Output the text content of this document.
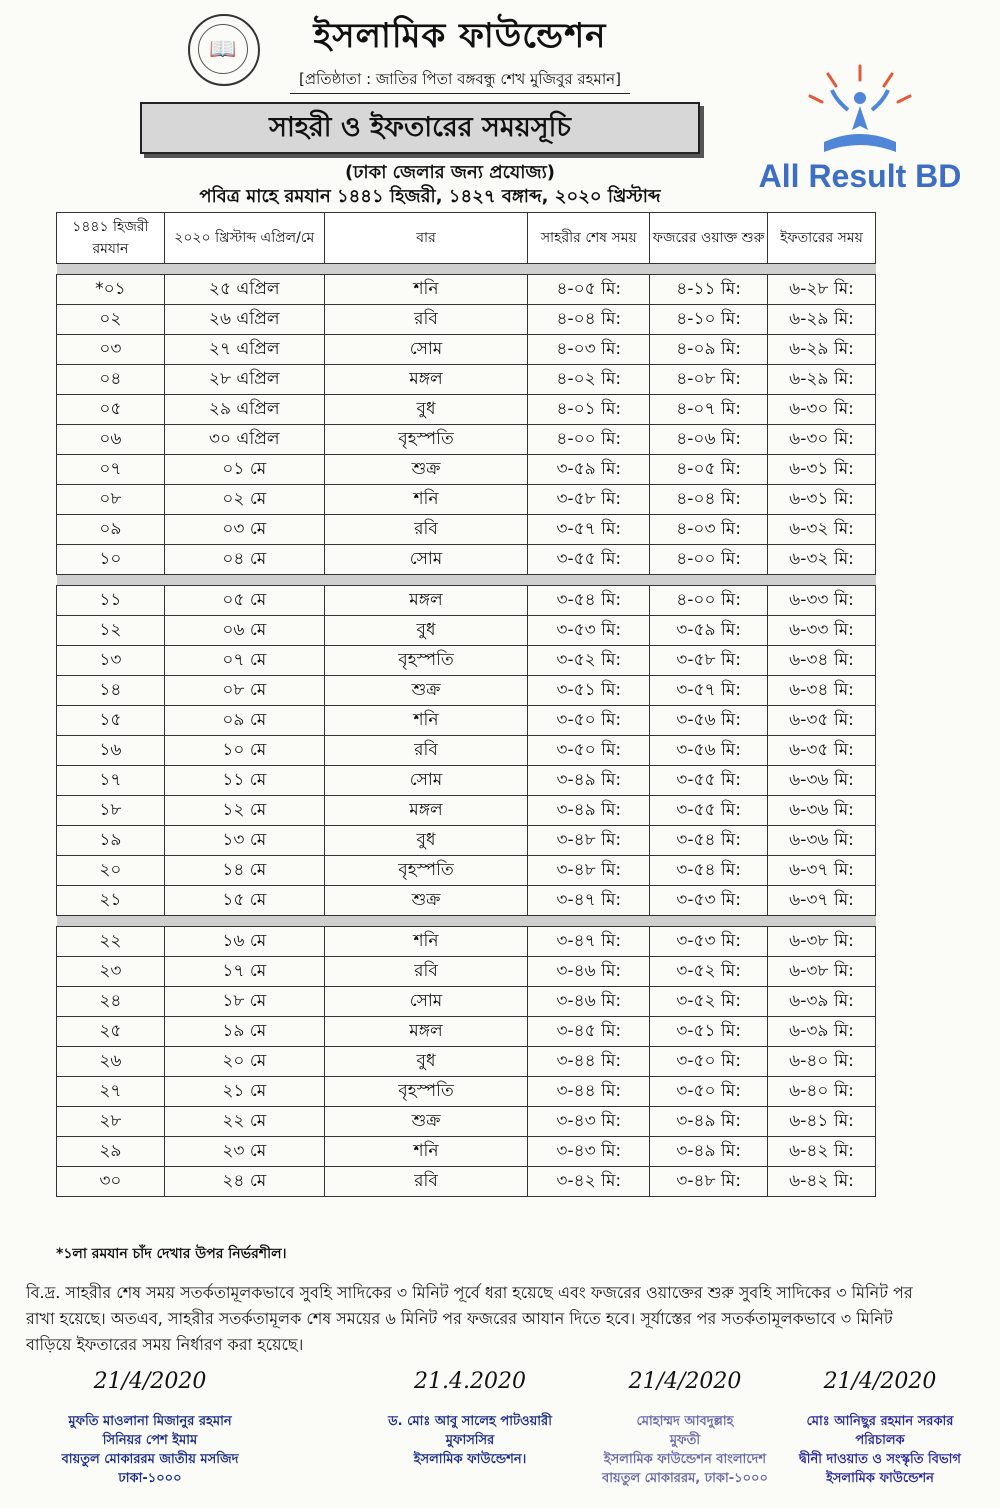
📖	ইসলামিক ফাউন্ডেশন
[প্রতিষ্ঠাতা : জাতির পিতা বঙ্গবন্ধু শেখ মুজিবুর রহমান]
সাহরী ও ইফতারের সময়সূচি
(ঢাকা জেলার জন্য প্রযোজ্য)
পবিত্র মাহে রমযান ১৪৪১ হিজরী, ১৪২৭ বঙ্গাব্দ, ২০২০ খ্রিস্টাব্দ
All Result BD
১৪৪১ হিজরী রমযান	২০২০ খ্রিস্টাব্দ এপ্রিল/মে	বার	সাহরীর শেষ সময়	ফজরের ওয়াক্ত শুরু	ইফতারের সময়

*০১	২৫ এপ্রিল	শনি	৪-০৫ মি:	৪-১১ মি:	৬-২৮ মি:
০২	২৬ এপ্রিল	রবি	৪-০৪ মি:	৪-১০ মি:	৬-২৯ মি:
০৩	২৭ এপ্রিল	সোম	৪-০৩ মি:	৪-০৯ মি:	৬-২৯ মি:
০৪	২৮ এপ্রিল	মঙ্গল	৪-০২ মি:	৪-০৮ মি:	৬-২৯ মি:
০৫	২৯ এপ্রিল	বুধ	৪-০১ মি:	৪-০৭ মি:	৬-৩০ মি:
০৬	৩০ এপ্রিল	বৃহস্পতি	৪-০০ মি:	৪-০৬ মি:	৬-৩০ মি:
০৭	০১ মে	শুক্র	৩-৫৯ মি:	৪-০৫ মি:	৬-৩১ মি:
০৮	০২ মে	শনি	৩-৫৮ মি:	৪-০৪ মি:	৬-৩১ মি:
০৯	০৩ মে	রবি	৩-৫৭ মি:	৪-০৩ মি:	৬-৩২ মি:
১০	০৪ মে	সোম	৩-৫৫ মি:	৪-০০ মি:	৬-৩২ মি:

১১	০৫ মে	মঙ্গল	৩-৫৪ মি:	৪-০০ মি:	৬-৩৩ মি:
১২	০৬ মে	বুধ	৩-৫৩ মি:	৩-৫৯ মি:	৬-৩৩ মি:
১৩	০৭ মে	বৃহস্পতি	৩-৫২ মি:	৩-৫৮ মি:	৬-৩৪ মি:
১৪	০৮ মে	শুক্র	৩-৫১ মি:	৩-৫৭ মি:	৬-৩৪ মি:
১৫	০৯ মে	শনি	৩-৫০ মি:	৩-৫৬ মি:	৬-৩৫ মি:
১৬	১০ মে	রবি	৩-৫০ মি:	৩-৫৬ মি:	৬-৩৫ মি:
১৭	১১ মে	সোম	৩-৪৯ মি:	৩-৫৫ মি:	৬-৩৬ মি:
১৮	১২ মে	মঙ্গল	৩-৪৯ মি:	৩-৫৫ মি:	৬-৩৬ মি:
১৯	১৩ মে	বুধ	৩-৪৮ মি:	৩-৫৪ মি:	৬-৩৬ মি:
২০	১৪ মে	বৃহস্পতি	৩-৪৮ মি:	৩-৫৪ মি:	৬-৩৭ মি:
২১	১৫ মে	শুক্র	৩-৪৭ মি:	৩-৫৩ মি:	৬-৩৭ মি:

২২	১৬ মে	শনি	৩-৪৭ মি:	৩-৫৩ মি:	৬-৩৮ মি:
২৩	১৭ মে	রবি	৩-৪৬ মি:	৩-৫২ মি:	৬-৩৮ মি:
২৪	১৮ মে	সোম	৩-৪৬ মি:	৩-৫২ মি:	৬-৩৯ মি:
২৫	১৯ মে	মঙ্গল	৩-৪৫ মি:	৩-৫১ মি:	৬-৩৯ মি:
২৬	২০ মে	বুধ	৩-৪৪ মি:	৩-৫০ মি:	৬-৪০ মি:
২৭	২১ মে	বৃহস্পতি	৩-৪৪ মি:	৩-৫০ মি:	৬-৪০ মি:
২৮	২২ মে	শুক্র	৩-৪৩ মি:	৩-৪৯ মি:	৬-৪১ মি:
২৯	২৩ মে	শনি	৩-৪৩ মি:	৩-৪৯ মি:	৬-৪২ মি:
৩০	২৪ মে	রবি	৩-৪২ মি:	৩-৪৮ মি:	৬-৪২ মি:
*১লা রমযান চাঁদ দেখার উপর নির্ভরশীল।
বি.দ্র. সাহরীর শেষ সময় সতর্কতামূলকভাবে সুবহি সাদিকের ৩ মিনিট পূর্বে ধরা হয়েছে এবং ফজরের ওয়াক্তের শুরু সুবহি সাদিকের ৩ মিনিট পর রাখা হয়েছে। অতএব, সাহরীর সতর্কতামূলক শেষ সময়ের ৬ মিনিট পর ফজরের আযান দিতে হবে। সূর্যাস্তের পর সতর্কতামূলকভাবে ৩ মিনিট বাড়িয়ে ইফতারের সময় নির্ধারণ করা হয়েছে।
21/4/2020
মুফতি মাওলানা মিজানুর রহমান
সিনিয়র পেশ ইমাম
বায়তুল মোকাররম জাতীয় মসজিদ
ঢাকা-১০০০
21.4.2020
ড. মোঃ আবু সালেহ পাটওয়ারী
মুফাসসির
ইসলামিক ফাউন্ডেশন।
21/4/2020
মোহাম্মদ আবদুল্লাহ
মুফতী
ইসলামিক ফাউন্ডেশন বাংলাদেশ
বায়তুল মোকাররম, ঢাকা-১০০০
21/4/2020
মোঃ আনিছুর রহমান সরকার
পরিচালক
দ্বীনী দাওয়াত ও সংস্কৃতি বিভাগ
ইসলামিক ফাউন্ডেশন
